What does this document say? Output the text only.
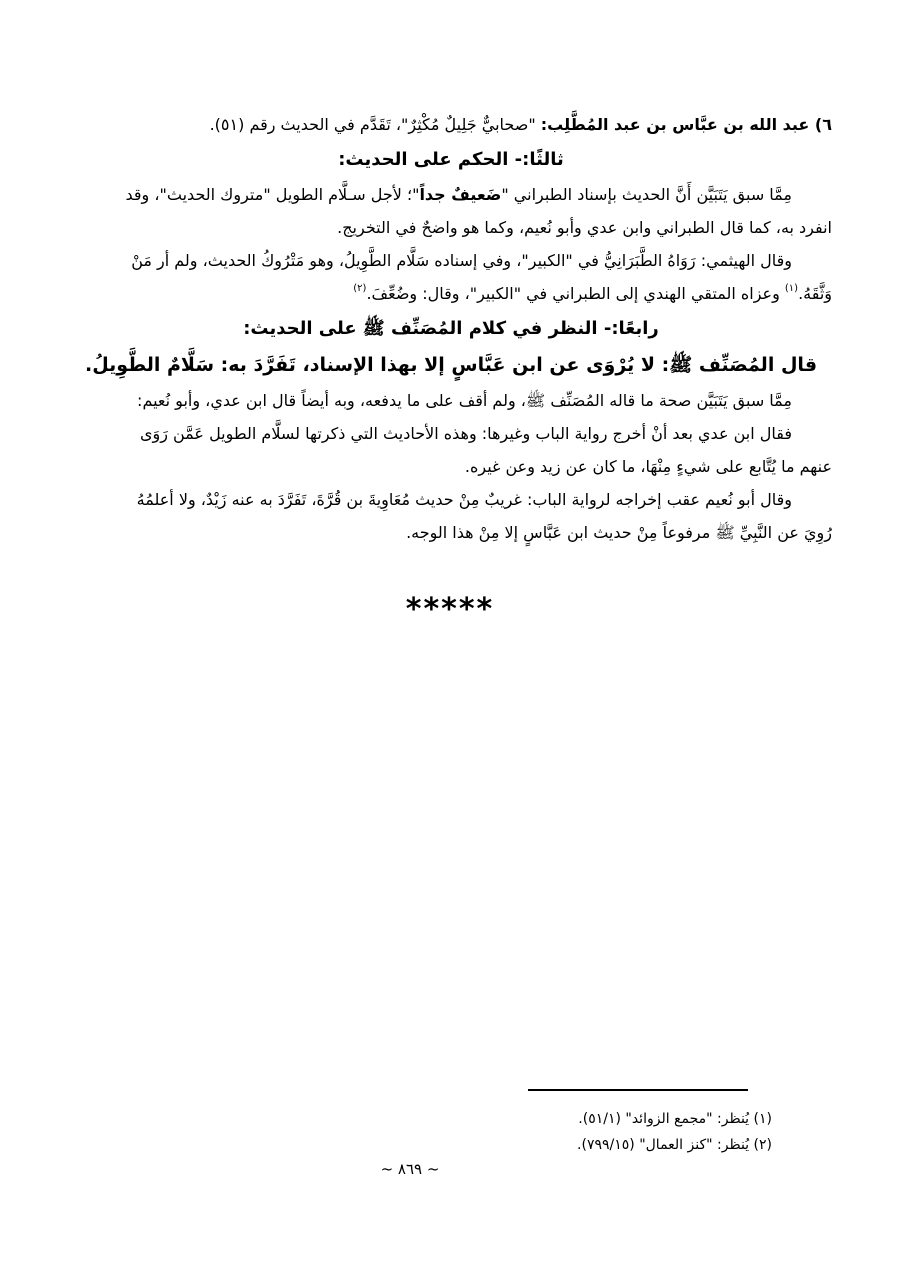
٦) عبد الله بن عبَّاس بن عبد المُطَّلِب: "صحابيٌّ جَلِيلٌ مُكْثِرٌ"، تَقَدَّم في الحديث رقم (٥١).

ثالثًا:- الحكم على الحديث:

مِمَّا سبق يَتَبَيَّن أَنَّ الحديث بإسناد الطبراني "ضَعيفٌ جداً"؛ لأجل سـلَّام الطويل "متروك الحديث"، وقد

انفرد به، كما قال الطبراني وابن عدي وأبو نُعيم، وكما هو واضحٌ في التخريج.

وقال الهيثمي: رَوَاهُ الطَّبَرَانِيُّ في "الكبير"، وفي إسناده سَلَّام الطَّوِيلُ، وهو مَتْرُوكُ الحديث، ولم أر مَنْ

وَثَّقَهُ.$^{(١)}$ وعزاه المتقي الهندي إلى الطبراني في "الكبير"، وقال: وضُعِّفَ.$^{(٢)}$

رابعًا:- النظر في كلام المُصَنِّف ﷺ على الحديث:

قال المُصَنِّف ﷺ: لا يُرْوَى عن ابن عَبَّاسٍ إلا بهذا الإسناد، تَفَرَّدَ به: سَلَّامٌ الطَّوِيلُ.

مِمَّا سبق يَتَبَيَّن صحة ما قاله المُصَنِّف ﷺ، ولم أقف على ما يدفعه، وبه أيضاً قال ابن عدي، وأبو نُعيم:

فقال ابن عدي بعد أنْ أخرج رواية الباب وغيرها: وهذه الأحاديث التي ذكرتها لسلَّام الطويل عَمَّن رَوَى

عنهم ما يُتَّابع على شيءٍ مِنْهَا، ما كان عن زيد وعن غيره.

وقال أبو نُعيم عقب إخراجه لرواية الباب: غريبٌ مِنْ حديث مُعَاوِيةَ بن قُرَّةَ، تَفَرَّدَ به عنه زَيْدٌ، ولا أعلمُهُ

رُوِيَ عن النَّبِيِّ ﷺ مرفوعاً مِنْ حديث ابن عَبَّاسٍ إلا مِنْ هذا الوجه.

*****

(١) يُنظر: "مجمع الزوائد" (٥١/١).

(٢) يُنظر: "كنز العمال" (٧٩٩/١٥).

~ ٨٦٩ ~
